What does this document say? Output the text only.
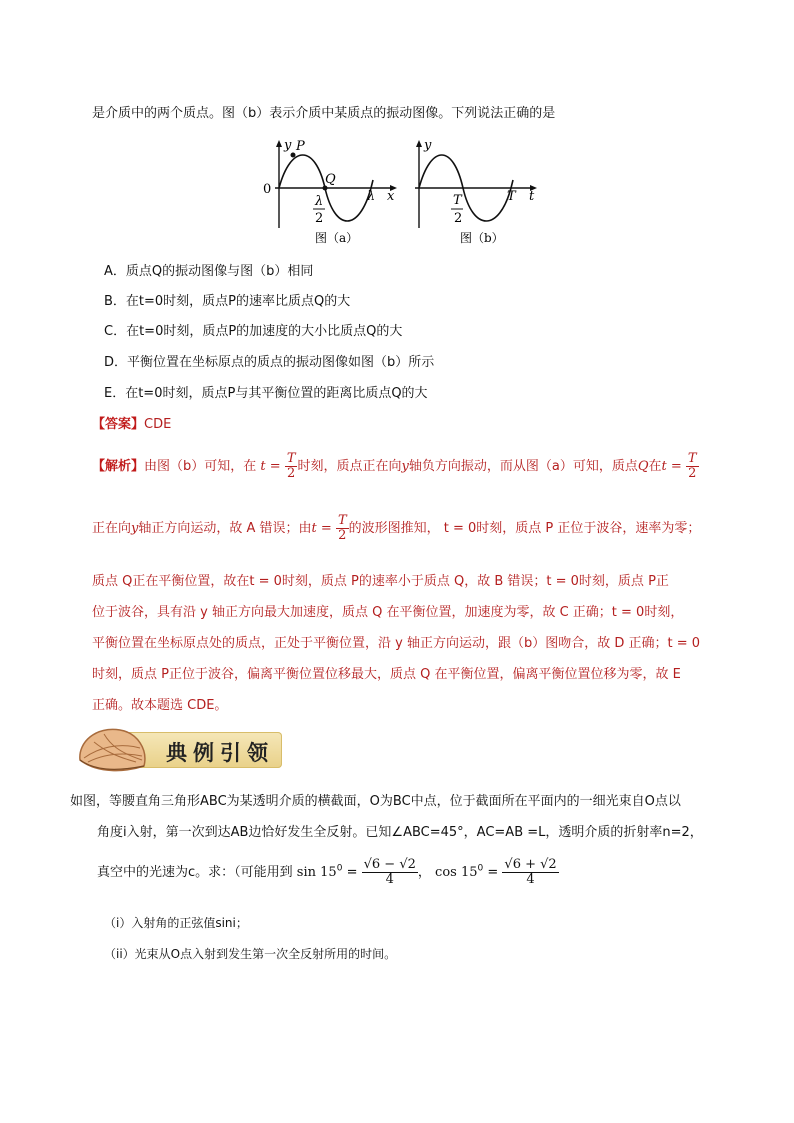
是介质中的两个质点。图（b）表示介质中某质点的振动图像。下列说法正确的是
y P
0
Q
λ
2
λ x
图（a）
y
T
2
T t
图（b）
A．质点Q的振动图像与图（b）相同
B．在t=0时刻，质点P的速率比质点Q的大
C．在t=0时刻，质点P的加速度的大小比质点Q的大
D．平衡位置在坐标原点的质点的振动图像如图（b）所示
E．在t=0时刻，质点P与其平衡位置的距离比质点Q的大
【答案】CDE
【解析】由图（b）可知，在 $t = \frac{T}{2}$ 时刻，质点正在向y轴负方向振动，而从图（a）可知，质点Q在$t = \frac{T}{2}$
正在向y轴正方向运动，故 A 错误；由$t = \frac{T}{2}$ 的波形图推知， t = 0时刻，质点 P 正位于波谷，速率为零；
质点 Q正在平衡位置，故在t = 0时刻，质点 P的速率小于质点 Q，故 B 错误；t = 0时刻，质点 P正
位于波谷，具有沿 y 轴正方向最大加速度，质点 Q 在平衡位置，加速度为零，故 C 正确；t = 0时刻，
平衡位置在坐标原点处的质点，正处于平衡位置，沿 y 轴正方向运动，跟（b）图吻合，故 D 正确；t = 0
时刻，质点 P正位于波谷，偏离平衡位置位移最大，质点 Q 在平衡位置，偏离平衡位置位移为零，故 E
正确。故本题选 CDE。
典例引领
如图，等腰直角三角形ABC为某透明介质的横截面，O为BC中点，位于截面所在平面内的一细光束自O点以
角度i入射，第一次到达AB边恰好发生全反射。已知∠ABC=45°，AC=AB =L，透明介质的折射率n=2，
真空中的光速为c。求：（可能用到 $\sin 15^0 = \frac{√6 - √2}{4}$ ， $\cos 15^0 = \frac{√6 + √2}{4}$
（i）入射角的正弦值sini；
（ii）光束从O点入射到发生第一次全反射所用的时间。
